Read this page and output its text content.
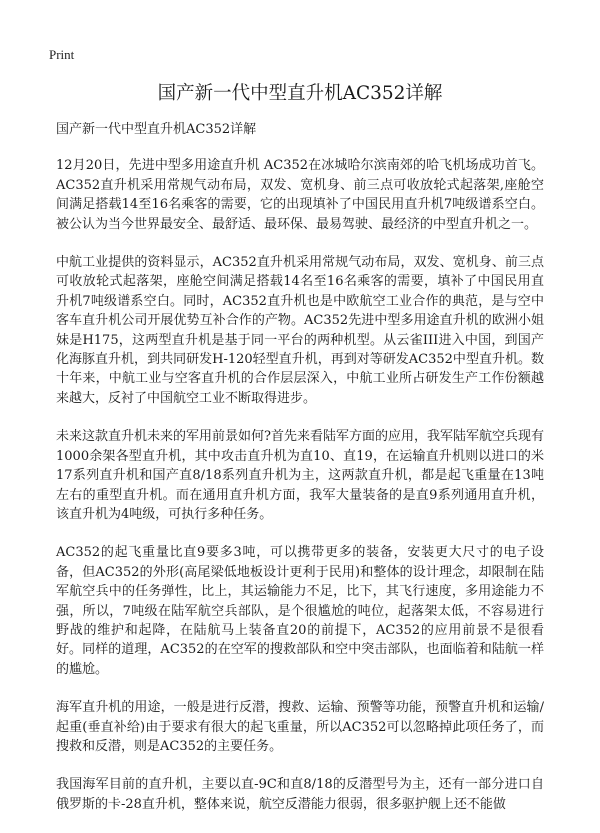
Print
国产新一代中型直升机AC352详解
国产新一代中型直升机AC352详解

12月20日，先进中型多用途直升机 AC352在冰城哈尔滨南郊的哈飞机场成功首飞。AC352直升机采用常规气动布局，双发、宽机身、前三点可收放轮式起落架,座舱空间满足搭载14至16名乘客的需要，它的出现填补了中国民用直升机7吨级谱系空白。被公认为当今世界最安全、最舒适、最环保、最易驾驶、最经济的中型直升机之一。

中航工业提供的资料显示，AC352直升机采用常规气动布局，双发、宽机身、前三点可收放轮式起落架，座舱空间满足搭载14名至16名乘客的需要，填补了中国民用直升机7吨级谱系空白。同时，AC352直升机也是中欧航空工业合作的典范，是与空中客车直升机公司开展优势互补合作的产物。AC352先进中型多用途直升机的欧洲小姐妹是H175，这两型直升机是基于同一平台的两种机型。从云雀III进入中国，到国产化海豚直升机，到共同研发H-120轻型直升机，再到对等研发AC352中型直升机。数十年来，中航工业与空客直升机的合作层层深入，中航工业所占研发生产工作份额越来越大，反衬了中国航空工业不断取得进步。

未来这款直升机未来的军用前景如何?首先来看陆军方面的应用，我军陆军航空兵现有1000余架各型直升机，其中攻击直升机为直10、直19，在运输直升机则以进口的米17系列直升机和国产直8/18系列直升机为主，这两款直升机，都是起飞重量在13吨左右的重型直升机。而在通用直升机方面，我军大量装备的是直9系列通用直升机，该直升机为4吨级，可执行多种任务。

AC352的起飞重量比直9要多3吨，可以携带更多的装备，安装更大尺寸的电子设备，但AC352的外形(高尾梁低地板设计更利于民用)和整体的设计理念，却限制在陆军航空兵中的任务弹性，比上，其运输能力不足，比下，其飞行速度，多用途能力不强，所以，7吨级在陆军航空兵部队，是个很尴尬的吨位，起落架太低，不容易进行野战的维护和起降，在陆航马上装备直20的前提下，AC352的应用前景不是很看好。同样的道理，AC352的在空军的搜救部队和空中突击部队，也面临着和陆航一样的尴尬。

海军直升机的用途，一般是进行反潜，搜救、运输、预警等功能，预警直升机和运输/起重(垂直补给)由于要求有很大的起飞重量，所以AC352可以忽略掉此项任务了，而搜救和反潜，则是AC352的主要任务。

我国海军目前的直升机，主要以直-9C和直8/18的反潜型号为主，还有一部分进口自俄罗斯的卡-28直升机，整体来说，航空反潜能力很弱，很多驱护舰上还不能做
